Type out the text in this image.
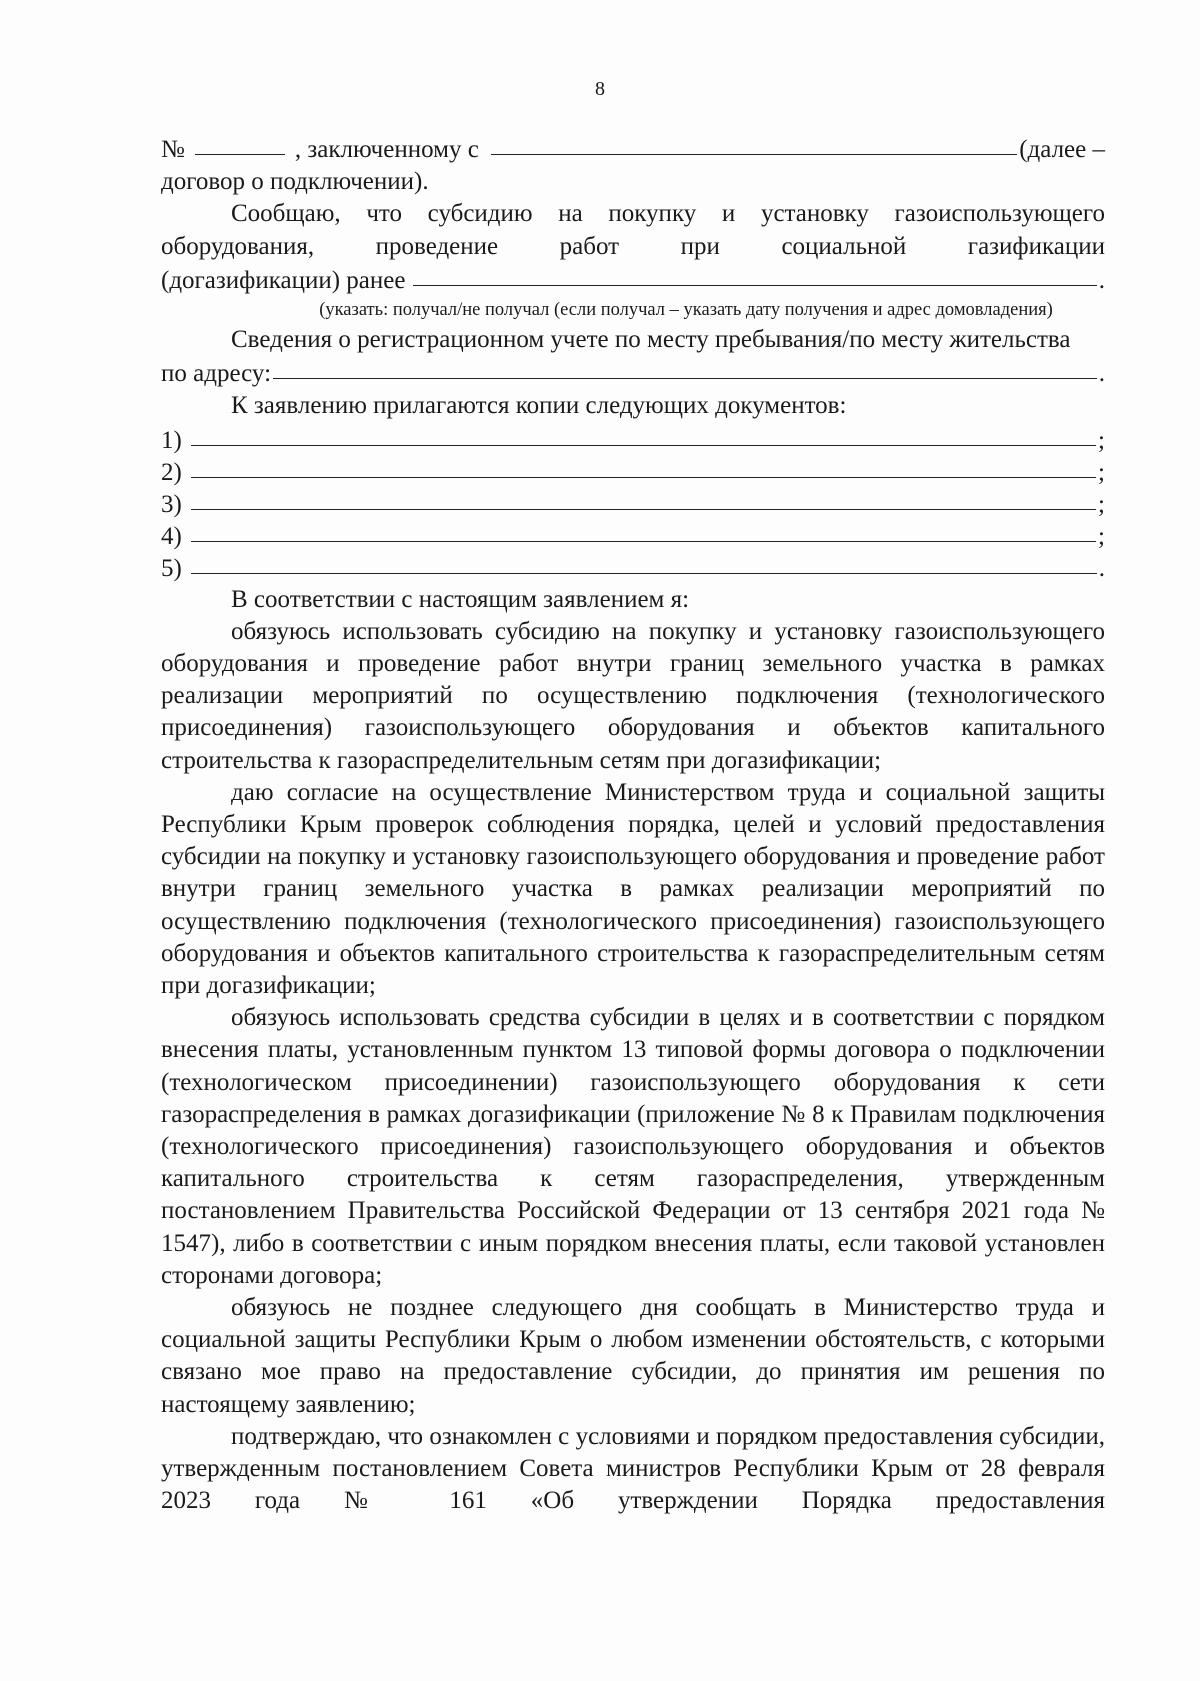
8
№	, заключенному с	(далее –

договор о подключении).

Сообщаю, что субсидию на покупку и установку газоиспользующего

оборудования, проведение работ при социальной газификации

(догазификации) ранее	.
(указать: получал/не получал (если получал – указать дату получения и адрес домовладения)

Сведения о регистрационном учете по месту пребывания/по месту жительства

по адресу:	.

К заявлению прилагаются копии следующих документов:

1)	;
2)	;
3)	;
4)	;
5)	.

В соответствии с настоящим заявлением я:

обязуюсь использовать субсидию на покупку и установку газоиспользующего оборудования и проведение работ внутри границ земельного участка в рамках реализации мероприятий по осуществлению подключения (технологического присоединения) газоиспользующего оборудования и объектов капитального строительства к газораспределительным сетям при догазификации;

даю согласие на осуществление Министерством труда и социальной защиты Республики Крым проверок соблюдения порядка, целей и условий предоставления субсидии на покупку и установку газоиспользующего оборудования и проведение работ внутри границ земельного участка в рамках реализации мероприятий по осуществлению подключения (технологического присоединения) газоиспользующего оборудования и объектов капитального строительства к газораспределительным сетям при догазификации;

обязуюсь использовать средства субсидии в целях и в соответствии с порядком внесения платы, установленным пунктом 13 типовой формы договора о подключении (технологическом присоединении) газоиспользующего оборудования к сети газораспределения в рамках догазификации (приложение № 8 к Правилам подключения (технологического присоединения) газоиспользующего оборудования и объектов капитального строительства к сетям газораспределения, утвержденным постановлением Правительства Российской Федерации от 13 сентября 2021 года № 1547), либо в соответствии с иным порядком внесения платы, если таковой установлен сторонами договора;

обязуюсь не позднее следующего дня сообщать в Министерство труда и социальной защиты Республики Крым о любом изменении обстоятельств, с которыми связано мое право на предоставление субсидии, до принятия им решения по настоящему заявлению;

подтверждаю, что ознакомлен с условиями и порядком предоставления субсидии, утвержденным постановлением Совета министров Республики Крым от 28 февраля 2023 года № 161 «Об утверждении Порядка предоставления
